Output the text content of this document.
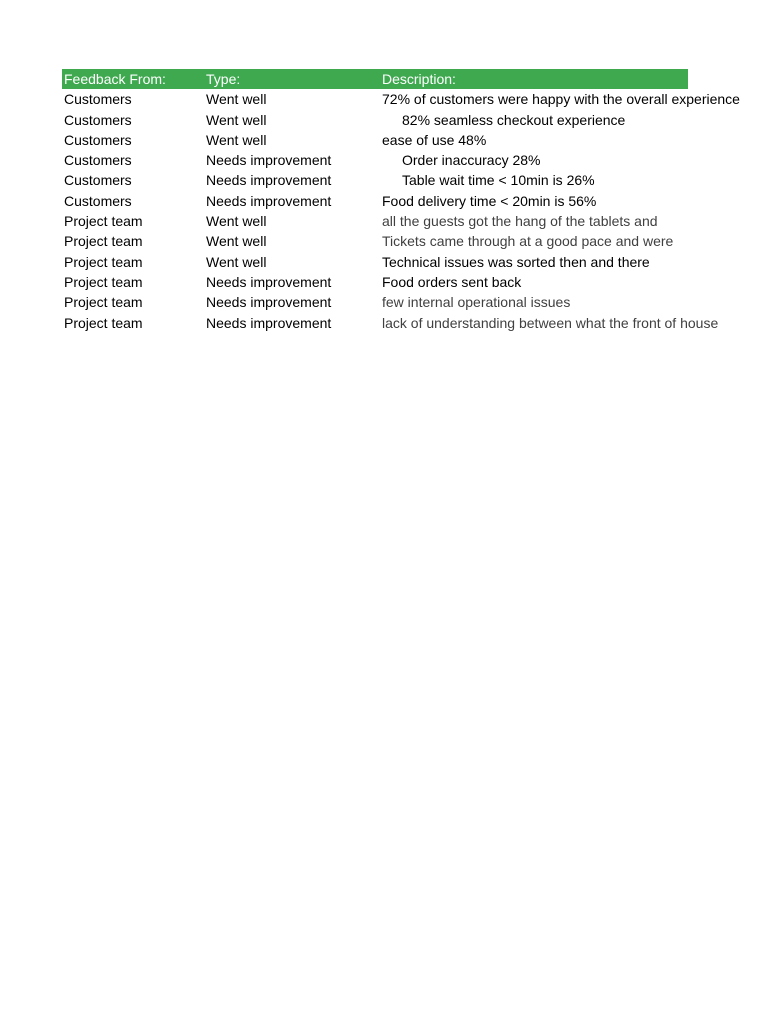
Feedback From:	Type:	Description:
Customers	Went well	72% of customers were happy with the overall experience
Customers	Went well	82% seamless checkout experience
Customers	Went well	ease of use 48%
Customers	Needs improvement	Order inaccuracy 28%
Customers	Needs improvement	Table wait time < 10min is 26%
Customers	Needs improvement	Food delivery time < 20min is 56%
Project team	Went well	all the guests got the hang of the tablets and
Project team	Went well	Tickets came through at a good pace and were
Project team	Went well	Technical issues was sorted then and there
Project team	Needs improvement	Food orders sent back
Project team	Needs improvement	few internal operational issues
Project team	Needs improvement	lack of understanding between what the front of house
